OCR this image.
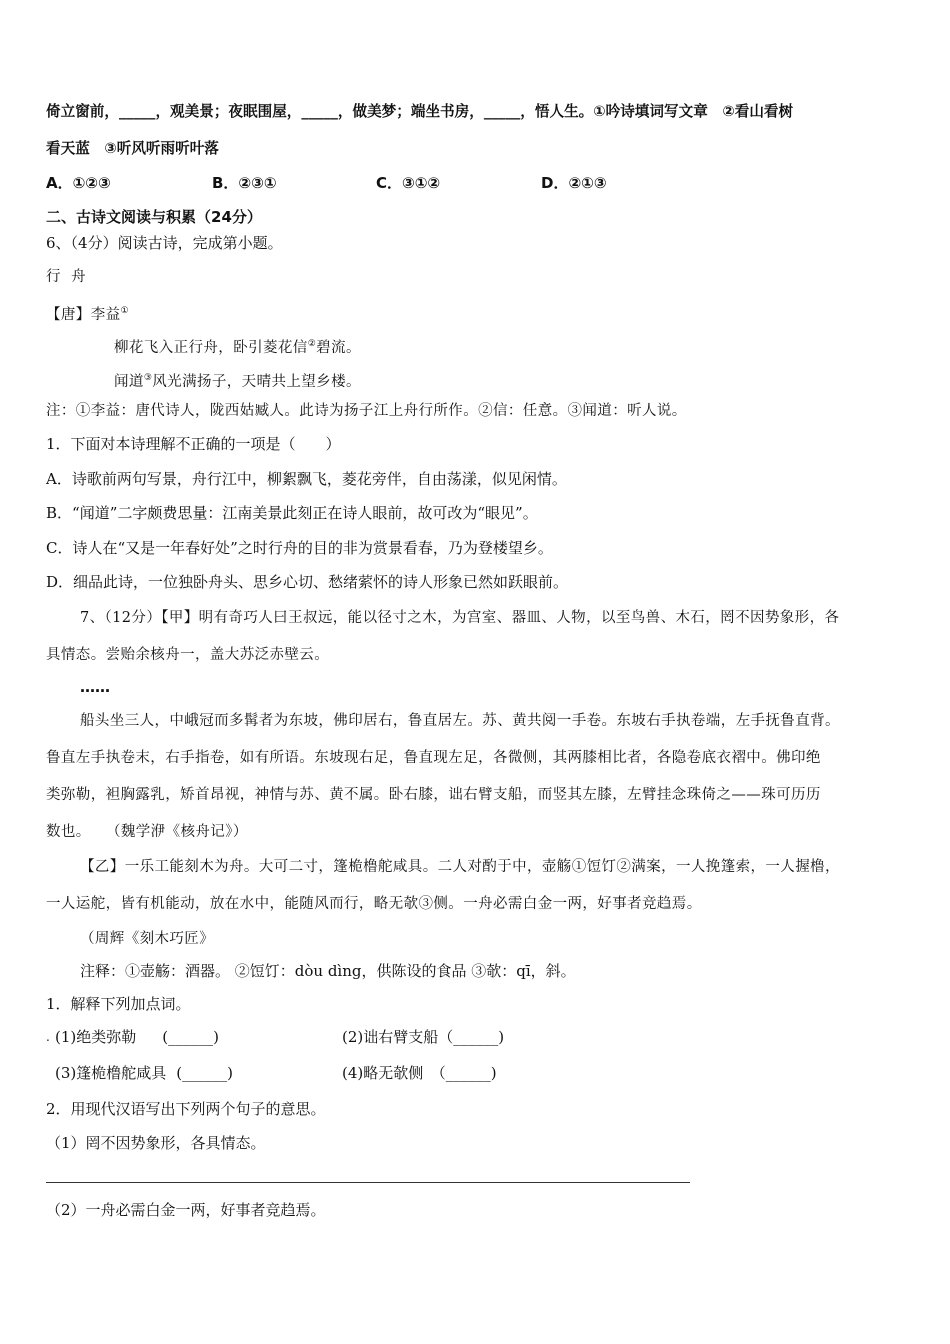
倚立窗前，_____，观美景；夜眠围屋，_____，做美梦；端坐书房，_____，悟人生。①吟诗填词写文章　②看山看树
看天蓝　③听风听雨听叶落
A．①②③	B．②③①	C．③①②	D．②①③
二、古诗文阅读与积累（24分）
6、（4分）阅读古诗，完成第小题。
行 舟
【唐】李益①
柳花飞入正行舟，卧引菱花信②碧流。
闻道③风光满扬子，天晴共上望乡楼。
注：①李益：唐代诗人，陇西姑臧人。此诗为扬子江上舟行所作。②信：任意。③闻道：听人说。
1．下面对本诗理解不正确的一项是（　　）
A．诗歌前两句写景，舟行江中，柳絮飘飞，菱花旁伴，自由荡漾，似见闲情。
B．“闻道”二字颇费思量：江南美景此刻正在诗人眼前，故可改为“眼见”。
C．诗人在“又是一年春好处”之时行舟的目的非为赏景看春，乃为登楼望乡。
D．细品此诗，一位独卧舟头、思乡心切、愁绪萦怀的诗人形象已然如跃眼前。
7、（12分）【甲】明有奇巧人曰王叔远，能以径寸之木，为宫室、器皿、人物，以至鸟兽、木石，罔不因势象形，各
具情态。尝贻余核舟一，盖大苏泛赤壁云。
……
船头坐三人，中峨冠而多髯者为东坡，佛印居右，鲁直居左。苏、黄共阅一手卷。东坡右手执卷端，左手抚鲁直背。
鲁直左手执卷末，右手指卷，如有所语。东坡现右足，鲁直现左足，各微侧，其两膝相比者，各隐卷底衣褶中。佛印绝
类弥勒，袒胸露乳，矫首昂视，神情与苏、黄不属。卧右膝，诎右臂支船，而竖其左膝，左臂挂念珠倚之——珠可历历
数也。　　（魏学洢《核舟记》）
【乙】一乐工能刻木为舟。大可二寸，篷桅橹舵咸具。二人对酌于中，壶觞①饾饤②满案，一人挽篷索，一人握橹，
一人运舵，皆有机能动，放在水中，能随风而行，略无欹③侧。一舟必需白金一两，好事者竞趋焉。
（周辉《刻木巧匠》
注释：①壶觞：酒器。 ②饾饤：dòu dìng，供陈设的食品 ③欹：qī，斜。
1．解释下列加点词。
. (1)绝类弥勒 (______)	(2)诎右臂支船（______)
(3)篷桅橹舵咸具 (______)	(4)略无欹侧　（______)
2．用现代汉语写出下列两个句子的意思。
（1）罔不因势象形，各具情态。
（2）一舟必需白金一两，好事者竞趋焉。
